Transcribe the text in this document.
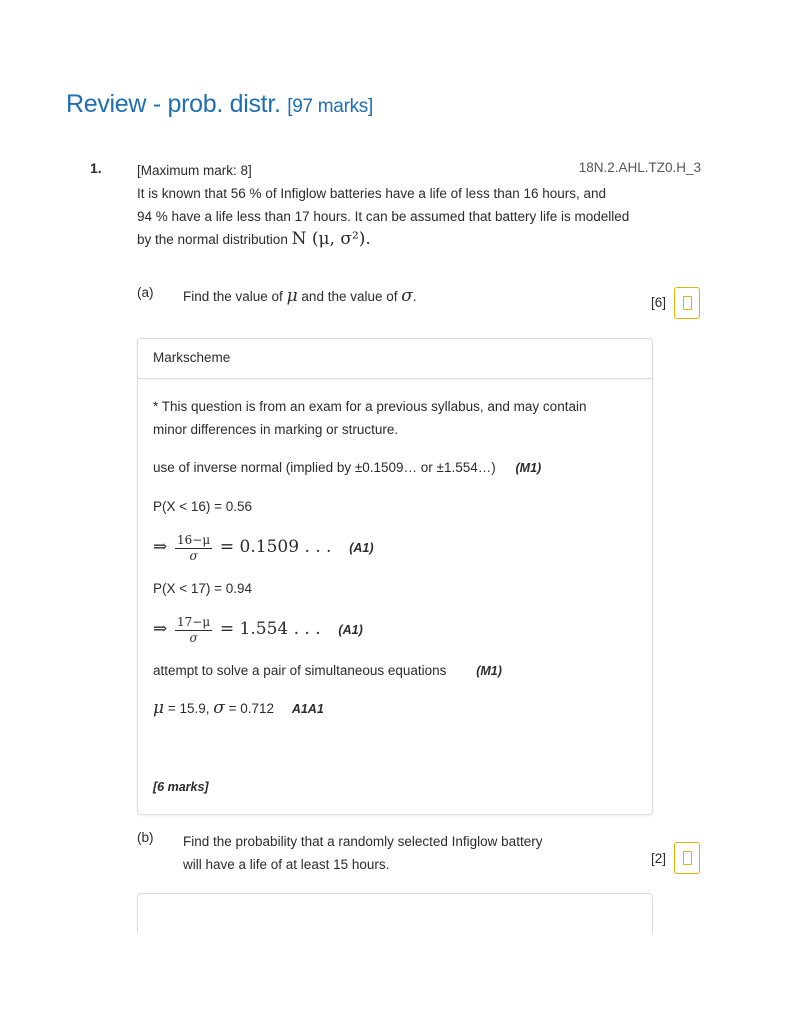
Review - prob. distr. [97 marks]
1.	18N.2.AHL.TZ0.H_3
[Maximum mark: 8]
It is known that 56 % of Infiglow batteries have a life of less than 16 hours, and
94 % have a life less than 17 hours. It can be assumed that battery life is modelled
by the normal distribution N (μ, σ²).
(a) Find the value of μ and the value of σ.	[6]
Markscheme
* This question is from an exam for a previous syllabus, and may contain
minor differences in marking or structure.
use of inverse normal (implied by ±0.1509… or ±1.554…) (M1)
P(X < 16) = 0.56
⇒ $\frac{16-\mu}{\sigma} = 0.1509$ . . . (A1)
P(X < 17) = 0.94
⇒ $\frac{17-\mu}{\sigma} = 1.554$ . . . (A1)
attempt to solve a pair of simultaneous equations (M1)
μ = 15.9, σ = 0.712 A1A1
[6 marks]
(b) Find the probability that a randomly selected Infiglow battery
will have a life of at least 15 hours.	[2]
